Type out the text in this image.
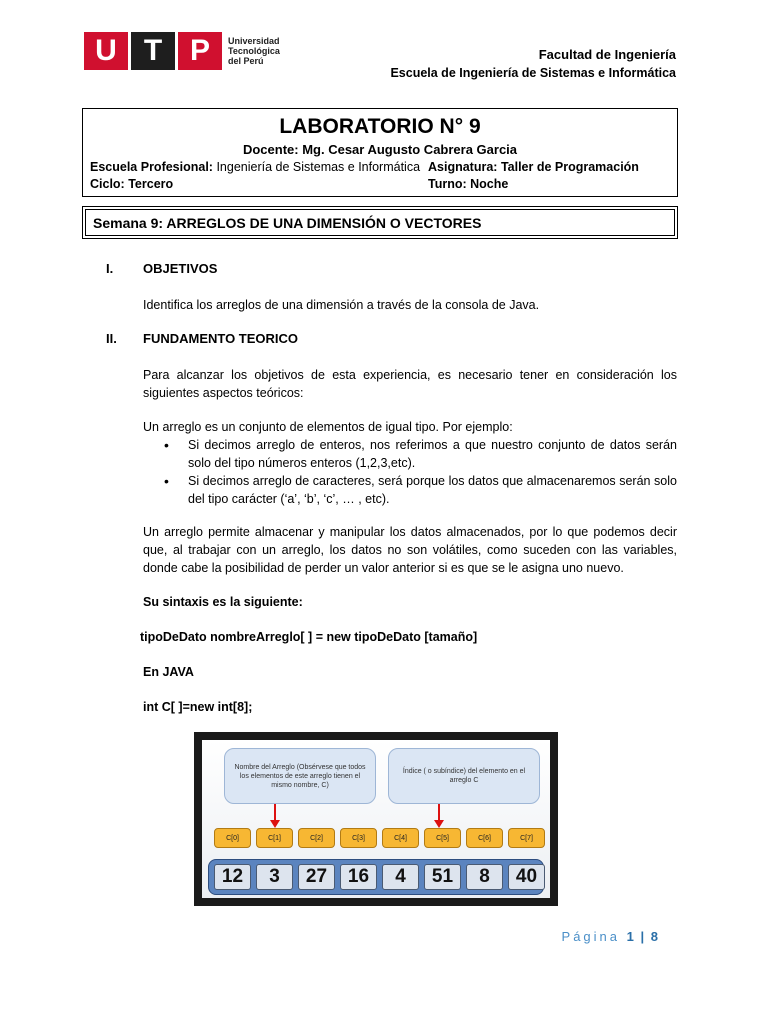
U T P	Universidad
Tecnológica
del Perú	Facultad de Ingeniería
Escuela de Ingeniería de Sistemas e Informática
LABORATORIO N° 9
Docente: Mg. Cesar Augusto Cabrera Garcia
Escuela Profesional: Ingeniería de Sistemas e Informática Asignatura: Taller de Programación
Ciclo: Tercero	Turno: Noche
Semana 9: ARREGLOS DE UNA DIMENSIÓN O VECTORES
I. OBJETIVOS
Identifica los arreglos de una dimensión a través de la consola de Java.
II. FUNDAMENTO TEORICO
Para alcanzar los objetivos de esta experiencia, es necesario tener en consideración los siguientes aspectos teóricos:
Un arreglo es un conjunto de elementos de igual tipo. Por ejemplo:
• Si decimos arreglo de enteros, nos referimos a que nuestro conjunto de datos serán solo del tipo números enteros (1,2,3,etc).
• Si decimos arreglo de caracteres, será porque los datos que almacenaremos serán solo del tipo carácter (‘a’, ‘b’, ‘c’, … , etc).
Un arreglo permite almacenar y manipular los datos almacenados, por lo que podemos decir que, al trabajar con un arreglo, los datos no son volátiles, como suceden con las variables, donde cabe la posibilidad de perder un valor anterior si es que se le asigna uno nuevo.
Su sintaxis es la siguiente:
tipoDeDato nombreArreglo[ ] = new tipoDeDato [tamaño]
En JAVA
int C[ ]=new int[8];
Nombre del Arreglo (Obsérvese que todos los elementos de este arreglo tienen el mismo nombre, C)
Índice ( o subíndice) del elemento en el arreglo C
C[0]	C[1]	C[2]	C[3]	C[4]	C[5]	C[6]	C[7]
12	3	27	16	4	51	8	40
Página 1 | 8
